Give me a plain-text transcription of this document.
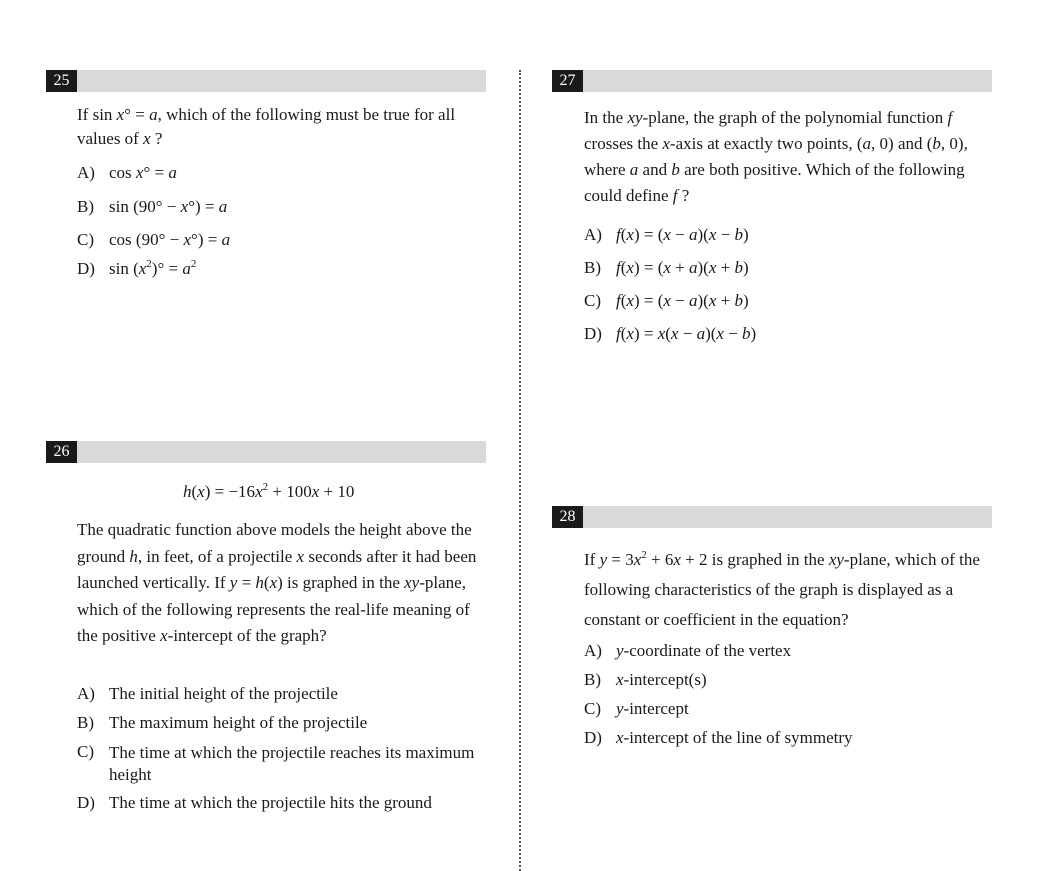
25
If sin x° = a, which of the following must be true for all values of x ?
A) cos x° = a
B) sin (90° − x°) = a
C) cos (90° − x°) = a
D) $\sin (x^2)^\circ = a^2$
26
$h(x) = -16x^2 + 100x + 10$
The quadratic function above models the height above the ground h, in feet, of a projectile x seconds after it had been launched vertically. If y = h(x) is graphed in the xy-plane, which of the following represents the real-life meaning of the positive x-intercept of the graph?
A) The initial height of the projectile
B) The maximum height of the projectile
C) The time at which the projectile reaches its maximum height
D) The time at which the projectile hits the ground
27
In the xy-plane, the graph of the polynomial function f crosses the x-axis at exactly two points, (a, 0) and (b, 0), where a and b are both positive. Which of the following could define f ?
A) f(x) = (x − a)(x − b)
B) f(x) = (x + a)(x + b)
C) f(x) = (x − a)(x + b)
D) f(x) = x(x − a)(x − b)
28
If $y = 3x^2 + 6x + 2$ is graphed in the xy-plane, which of the following characteristics of the graph is displayed as a constant or coefficient in the equation?
A) y-coordinate of the vertex
B) x-intercept(s)
C) y-intercept
D) x-intercept of the line of symmetry
